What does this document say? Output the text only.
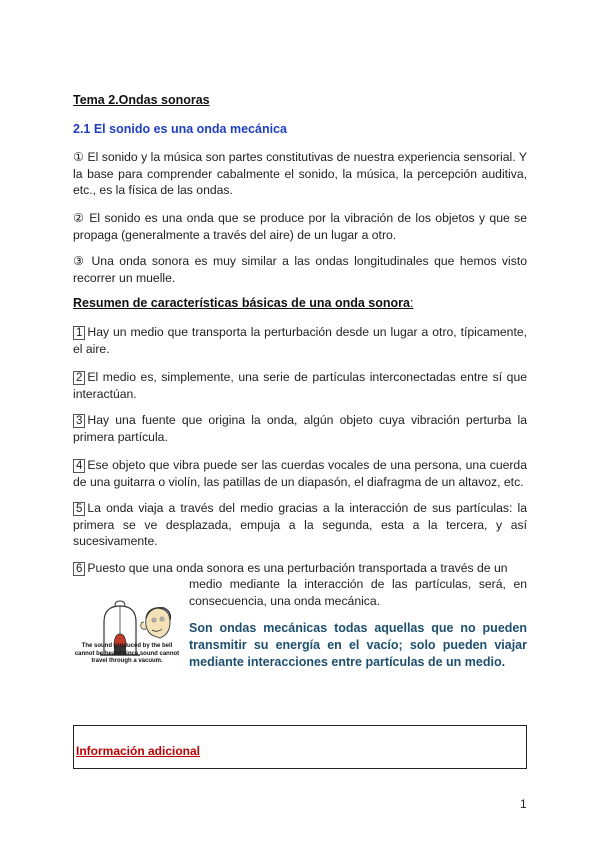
Tema 2.Ondas sonoras
2.1 El sonido es una onda mecánica
① El sonido y la música son partes constitutivas de nuestra experiencia sensorial. Y la base para comprender cabalmente el sonido, la música, la percepción auditiva, etc., es la física de las ondas.
② El sonido es una onda que se produce por la vibración de los objetos y que se propaga (generalmente a través del aire) de un lugar a otro.
③ Una onda sonora es muy similar a las ondas longitudinales que hemos visto recorrer un muelle.
Resumen de características básicas de una onda sonora:
1 Hay un medio que transporta la perturbación desde un lugar a otro, típicamente, el aire.
2 El medio es, simplemente, una serie de partículas interconectadas entre sí que interactúan.
3 Hay una fuente que origina la onda, algún objeto cuya vibración perturba la primera partícula.
4 Ese objeto que vibra puede ser las cuerdas vocales de una persona, una cuerda de una guitarra o violín, las patillas de un diapasón, el diafragma de un altavoz, etc.
5 La onda viaja a través del medio gracias a la interacción de sus partículas: la primera se ve desplazada, empuja a la segunda, esta a la tercera, y así sucesivamente.
6 Puesto que una onda sonora es una perturbación transportada a través de un
medio mediante la interacción de las partículas, será, en consecuencia, una onda mecánica.
The sound produced by the bell cannot be heard since sound cannot travel through a vacuum.
Son ondas mecánicas todas aquellas que no pueden transmitir su energía en el vacío; solo pueden viajar mediante interacciones entre partículas de un medio.
Información adicional
1
